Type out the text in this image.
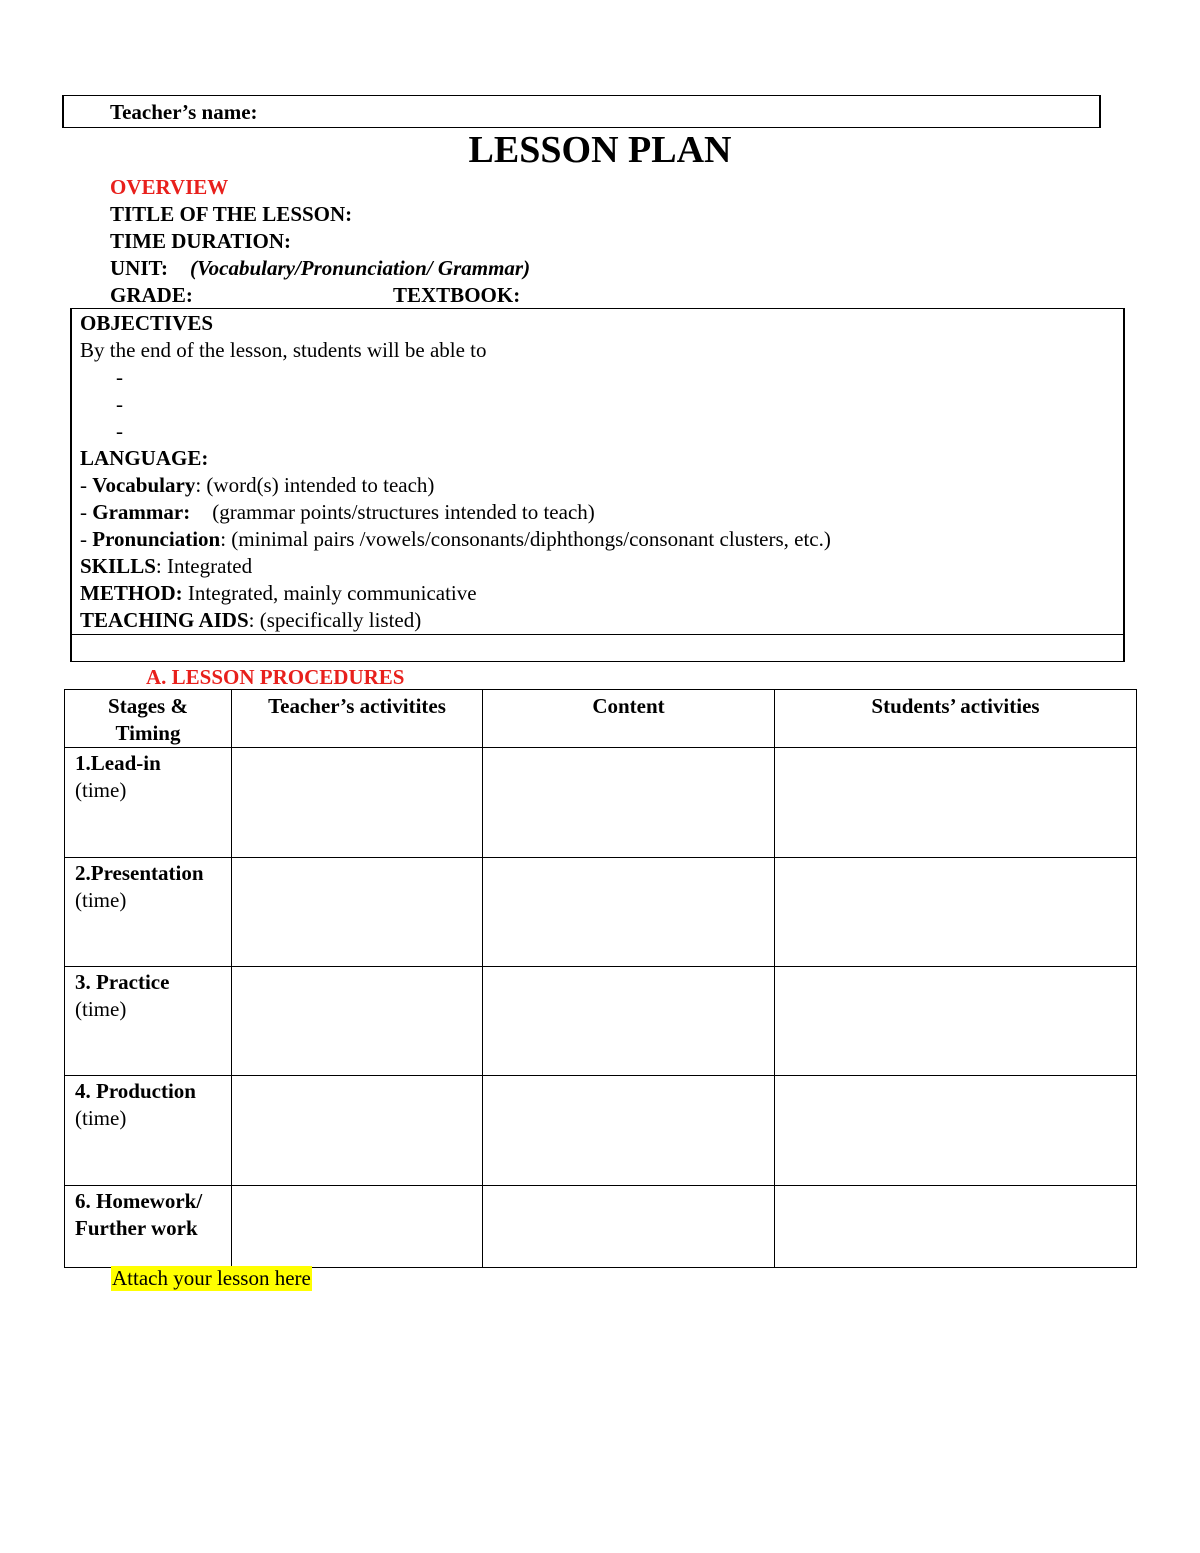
Teacher’s name:
LESSON PLAN
OVERVIEW
TITLE OF THE LESSON:
TIME DURATION:
UNIT: (Vocabulary/Pronunciation/ Grammar)
GRADE:	TEXTBOOK:
OBJECTIVES
By the end of the lesson, students will be able to
-
-
-
LANGUAGE:
- Vocabulary: (word(s) intended to teach)
- Grammar: (grammar points/structures intended to teach)
- Pronunciation: (minimal pairs /vowels/consonants/diphthongs/consonant clusters, etc.)
SKILLS: Integrated
METHOD: Integrated, mainly communicative
TEACHING AIDS: (specifically listed)
A. LESSON PROCEDURES
Stages & Timing	Teacher’s activitites	Content	Students’ activities

1.Lead-in
(time)			

2.Presentation
(time)			

3. Practice
(time)			

4. Production
(time)			

6. Homework/ Further work			

Attach your lesson here
